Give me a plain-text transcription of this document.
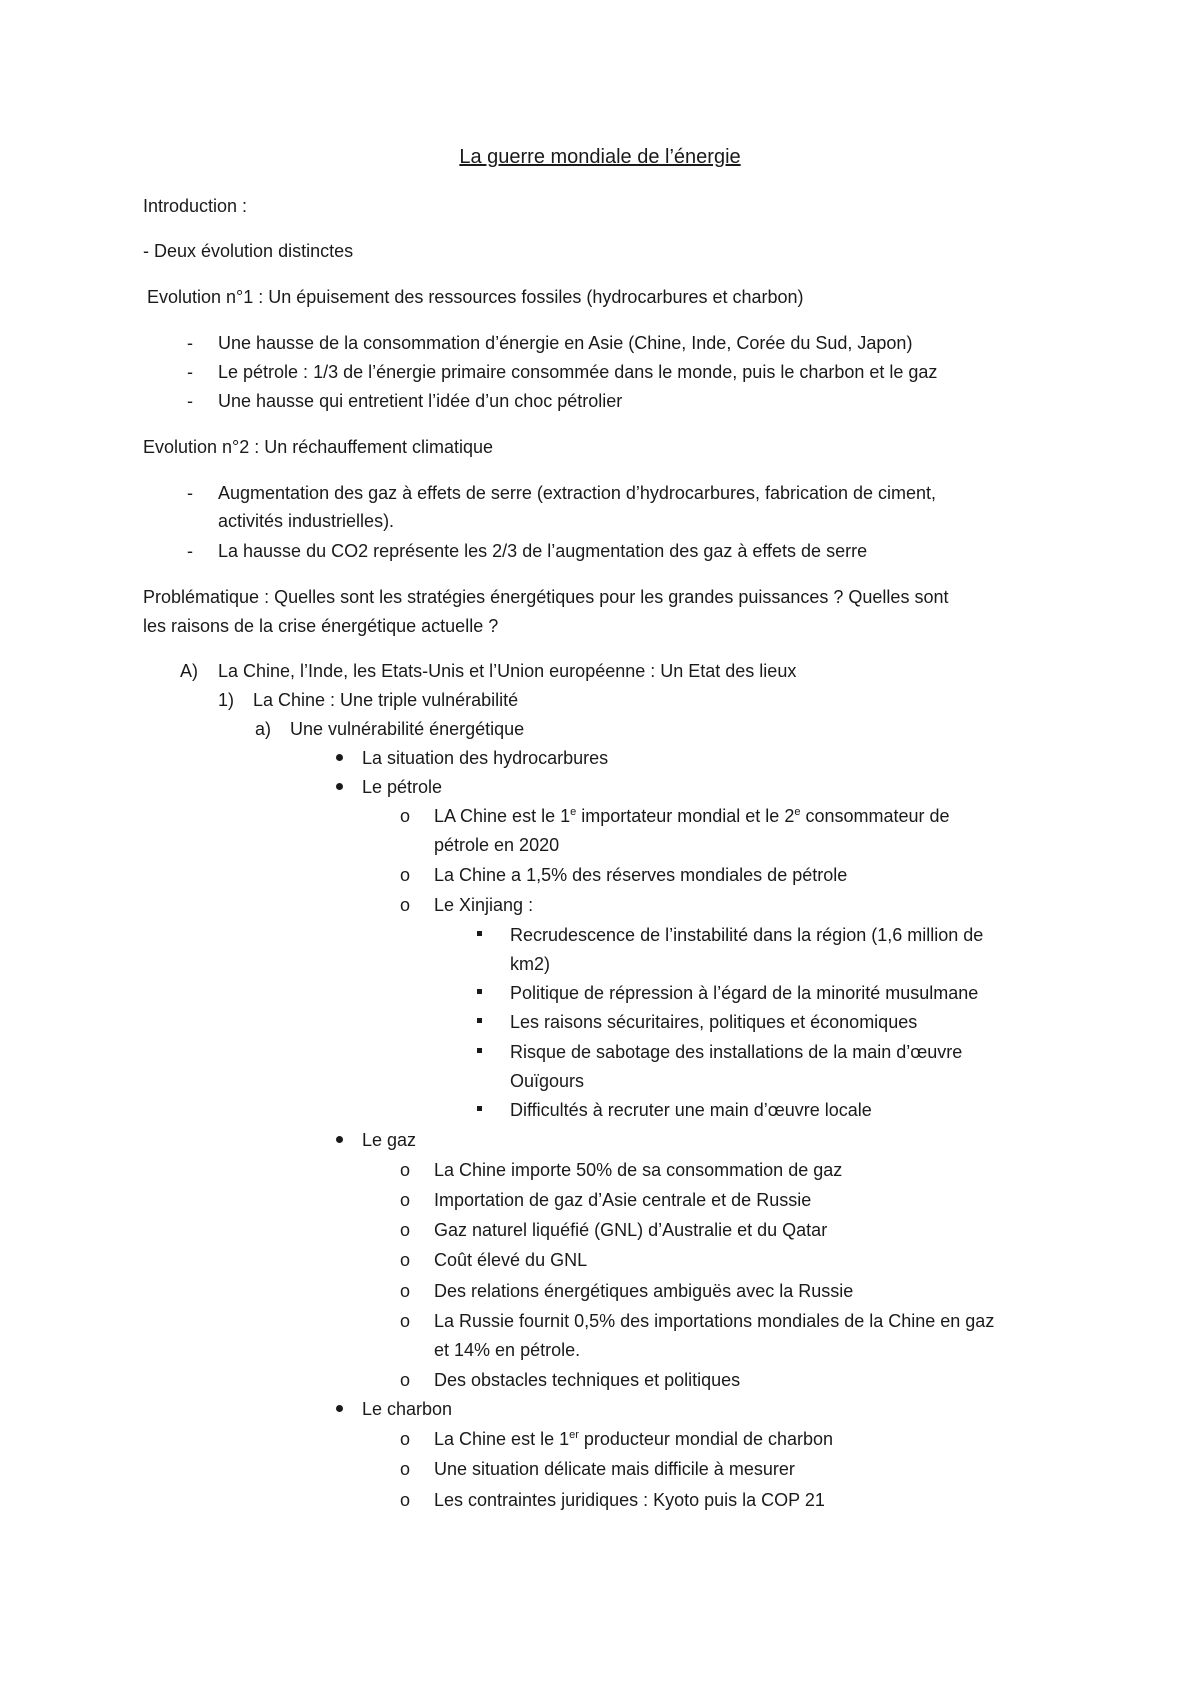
La guerre mondiale de l’énergie
Introduction :
- Deux évolution distinctes
Evolution n°1 : Un épuisement des ressources fossiles (hydrocarbures et charbon)
- Une hausse de la consommation d’énergie en Asie (Chine, Inde, Corée du Sud, Japon)
- Le pétrole : 1/3 de l’énergie primaire consommée dans le monde, puis le charbon et le gaz
- Une hausse qui entretient l’idée d’un choc pétrolier
Evolution n°2 : Un réchauffement climatique
- Augmentation des gaz à effets de serre (extraction d’hydrocarbures, fabrication de ciment,
activités industrielles).
- La hausse du CO2 représente les 2/3 de l’augmentation des gaz à effets de serre
Problématique : Quelles sont les stratégies énergétiques pour les grandes puissances ? Quelles sont
les raisons de la crise énergétique actuelle ?
A) La Chine, l’Inde, les Etats-Unis et l’Union européenne : Un Etat des lieux
1) La Chine : Une triple vulnérabilité
a) Une vulnérabilité énergétique
La situation des hydrocarbures
Le pétrole
o LA Chine est le 1e importateur mondial et le 2e consommateur de
pétrole en 2020
o La Chine a 1,5% des réserves mondiales de pétrole
o Le Xinjiang :
Recrudescence de l’instabilité dans la région (1,6 million de
km2)
Politique de répression à l’égard de la minorité musulmane
Les raisons sécuritaires, politiques et économiques
Risque de sabotage des installations de la main d’œuvre
Ouïgours
Difficultés à recruter une main d’œuvre locale
Le gaz
o La Chine importe 50% de sa consommation de gaz
o Importation de gaz d’Asie centrale et de Russie
o Gaz naturel liquéfié (GNL) d’Australie et du Qatar
o Coût élevé du GNL
o Des relations énergétiques ambiguës avec la Russie
o La Russie fournit 0,5% des importations mondiales de la Chine en gaz
et 14% en pétrole.
o Des obstacles techniques et politiques
Le charbon
o La Chine est le 1er producteur mondial de charbon
o Une situation délicate mais difficile à mesurer
o Les contraintes juridiques : Kyoto puis la COP 21
